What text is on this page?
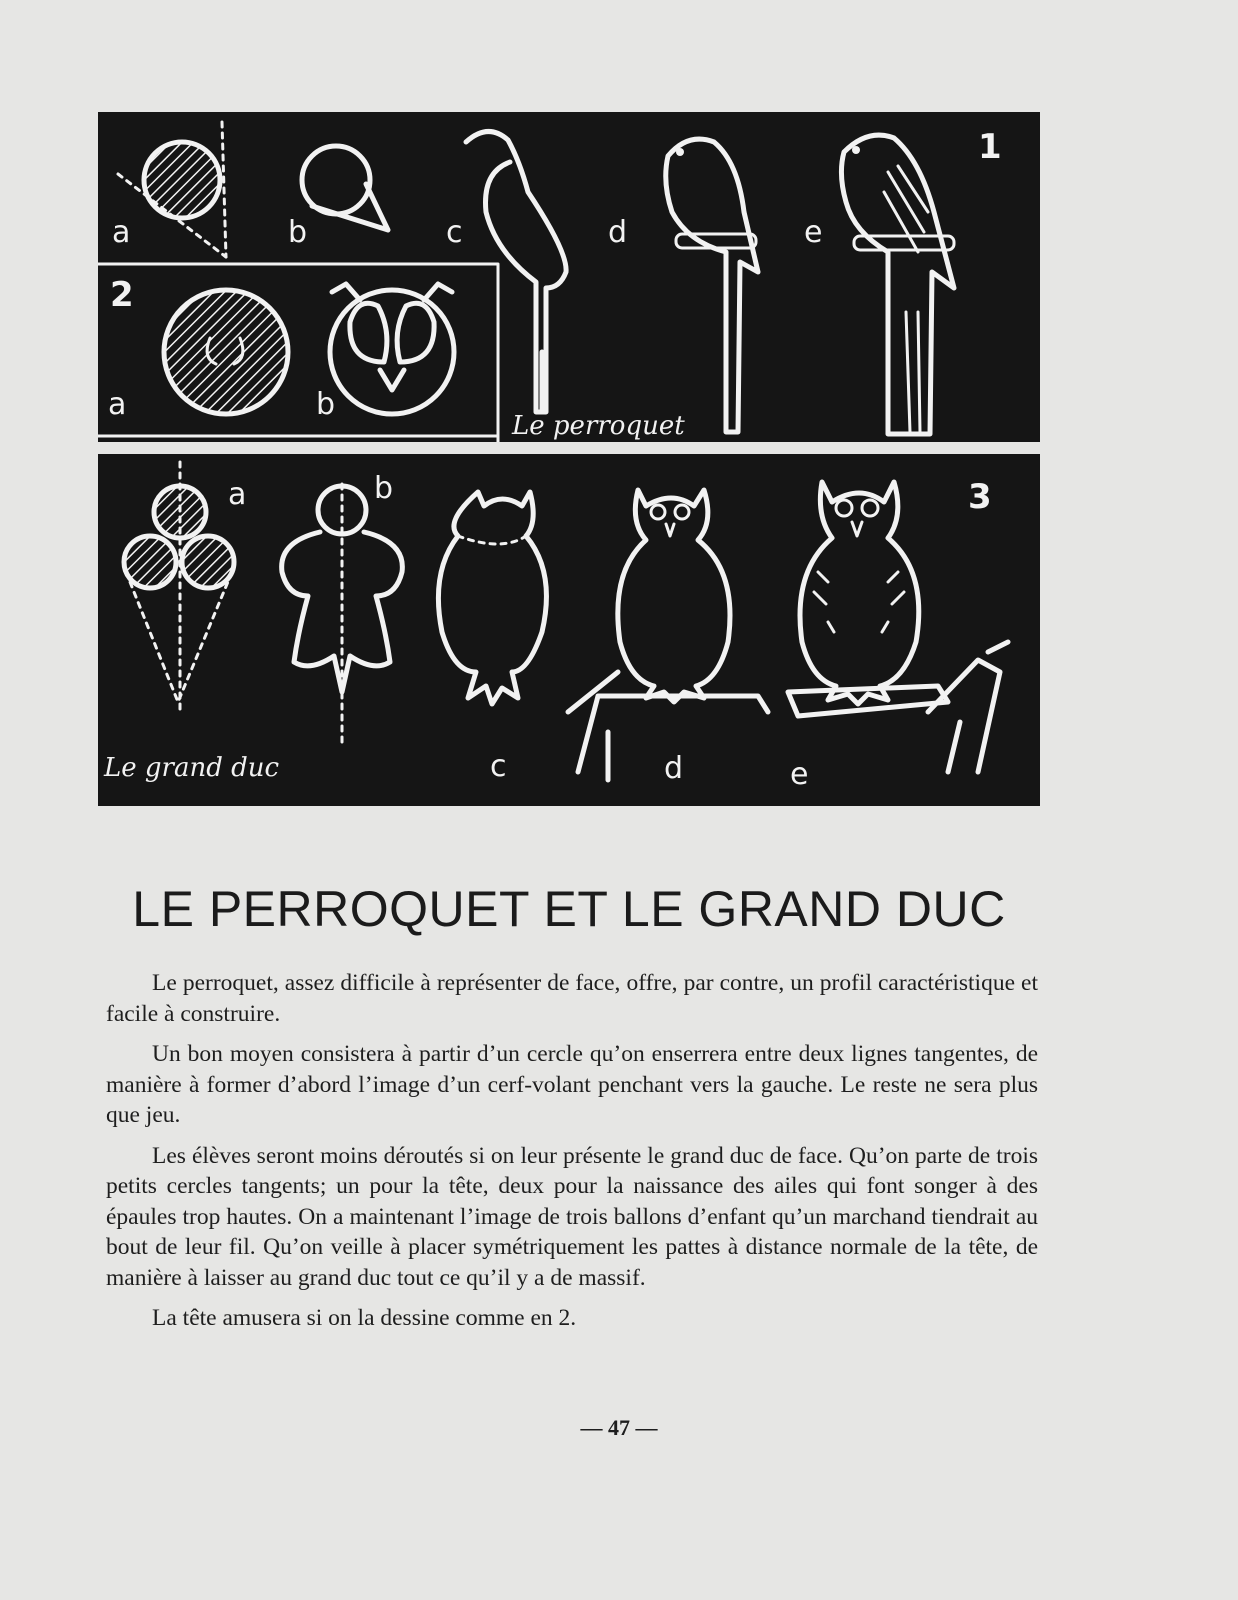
a	b	c	d	e
1
Le perroquet
2
a	b
a	b
c	d	e
3
Le grand duc
LE PERROQUET ET LE GRAND DUC

Le perroquet, assez difficile à représenter de face, offre, par contre, un profil caractéristique et facile à construire.

Un bon moyen consistera à partir d’un cercle qu’on enserrera entre deux lignes tangentes, de manière à former d’abord l’image d’un cerf-volant penchant vers la gauche. Le reste ne sera plus que jeu.

Les élèves seront moins déroutés si on leur présente le grand duc de face. Qu’on parte de trois petits cercles tangents; un pour la tête, deux pour la naissance des ailes qui font songer à des épaules trop hautes. On a maintenant l’image de trois ballons d’enfant qu’un marchand tiendrait au bout de leur fil. Qu’on veille à placer symétriquement les pattes à distance normale de la tête, de manière à laisser au grand duc tout ce qu’il y a de massif.

La tête amusera si on la dessine comme en 2.

— 47 —
